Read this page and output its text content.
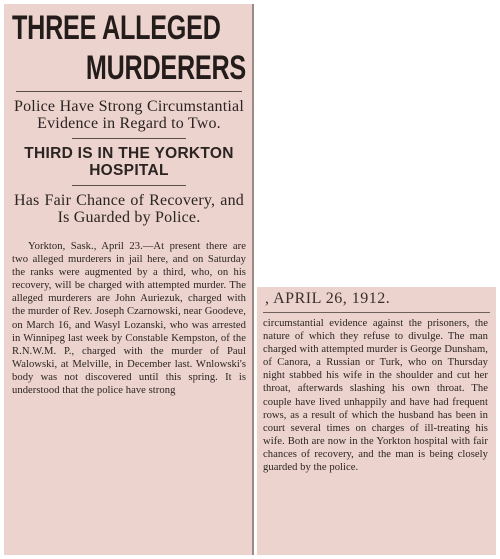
THREE ALLEGED
MURDERERS
Police Have Strong Circumstantial Evidence in Regard to Two.
THIRD IS IN THE YORKTON HOSPITAL
Has Fair Chance of Recovery, and Is Guarded by Police.
Yorkton, Sask., April 23.—At present there are two alleged murderers in jail here, and on Saturday the ranks were augmented by a third, who, on his recovery, will be charged with attempted murder. The alleged murderers are John Auriezuk, charged with the murder of Rev. Joseph Czarnowski, near Goodeve, on March 16, and Wasyl Lozanski, who was arrested in Winnipeg last week by Constable Kempston, of the R.N.W.M. P., charged with the murder of Paul Walowski, at Melville, in December last. Wnlowski's body was not discovered until this spring. It is understood that the police have strong
, APRIL 26, 1912.
circumstantial evidence against the prisoners, the nature of which they refuse to divulge. The man charged with attempted murder is George Dunsham, of Canora, a Russian or Turk, who on Thursday night stabbed his wife in the shoulder and cut her throat, afterwards slashing his own throat. The couple have lived unhappily and have had frequent rows, as a result of which the husband has been in court several times on charges of ill-treating his wife. Both are now in the Yorkton hospital with fair chances of recovery, and the man is being closely guarded by the police.
